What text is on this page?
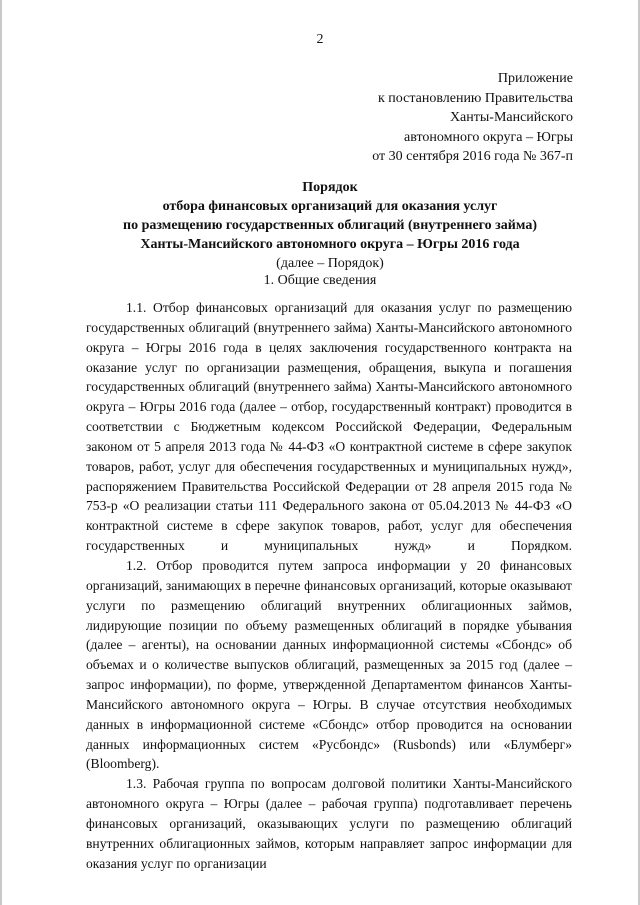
2
Приложение
к постановлению Правительства
Ханты-Мансийского
автономного округа – Югры
от 30 сентября 2016 года № 367-п
Порядок
отбора финансовых организаций для оказания услуг
по размещению государственных облигаций (внутреннего займа)
Ханты-Мансийского автономного округа – Югры 2016 года
(далее – Порядок)
1. Общие сведения

1.1. Отбор финансовых организаций для оказания услуг по размещению государственных облигаций (внутреннего займа) Ханты-Мансийского автономного округа – Югры 2016 года в целях заключения государственного контракта на оказание услуг по организации размещения, обращения, выкупа и погашения государственных облигаций (внутреннего займа) Ханты-Мансийского автономного округа – Югры 2016 года (далее – отбор, государственный контракт) проводится в соответствии с Бюджетным кодексом Российской Федерации, Федеральным законом от 5 апреля 2013 года № 44-ФЗ «О контрактной системе в сфере закупок товаров, работ, услуг для обеспечения государственных и муниципальных нужд», распоряжением Правительства Российской Федерации от 28 апреля 2015 года № 753-р «О реализации статьи 111 Федерального закона от 05.04.2013 № 44-ФЗ «О контрактной системе в сфере закупок товаров, работ, услуг для обеспечения государственных и муниципальных нужд» и Порядком.

1.2. Отбор проводится путем запроса информации у 20 финансовых организаций, занимающих в перечне финансовых организаций, которые оказывают услуги по размещению облигаций внутренних облигационных займов, лидирующие позиции по объему размещенных облигаций в порядке убывания (далее – агенты), на основании данных информационной системы «Сбондс» об объемах и о количестве выпусков облигаций, размещенных за 2015 год (далее – запрос информации), по форме, утвержденной Департаментом финансов Ханты-Мансийского автономного округа – Югры. В случае отсутствия необходимых данных в информационной системе «Сбондс» отбор проводится на основании данных информационных систем «Русбондс» (Rusbonds) или «Блумберг» (Bloomberg).

1.3. Рабочая группа по вопросам долговой политики Ханты-Мансийского автономного округа – Югры (далее – рабочая группа) подготавливает перечень финансовых организаций, оказывающих услуги по размещению облигаций внутренних облигационных займов, которым направляет запрос информации для оказания услуг по организации
